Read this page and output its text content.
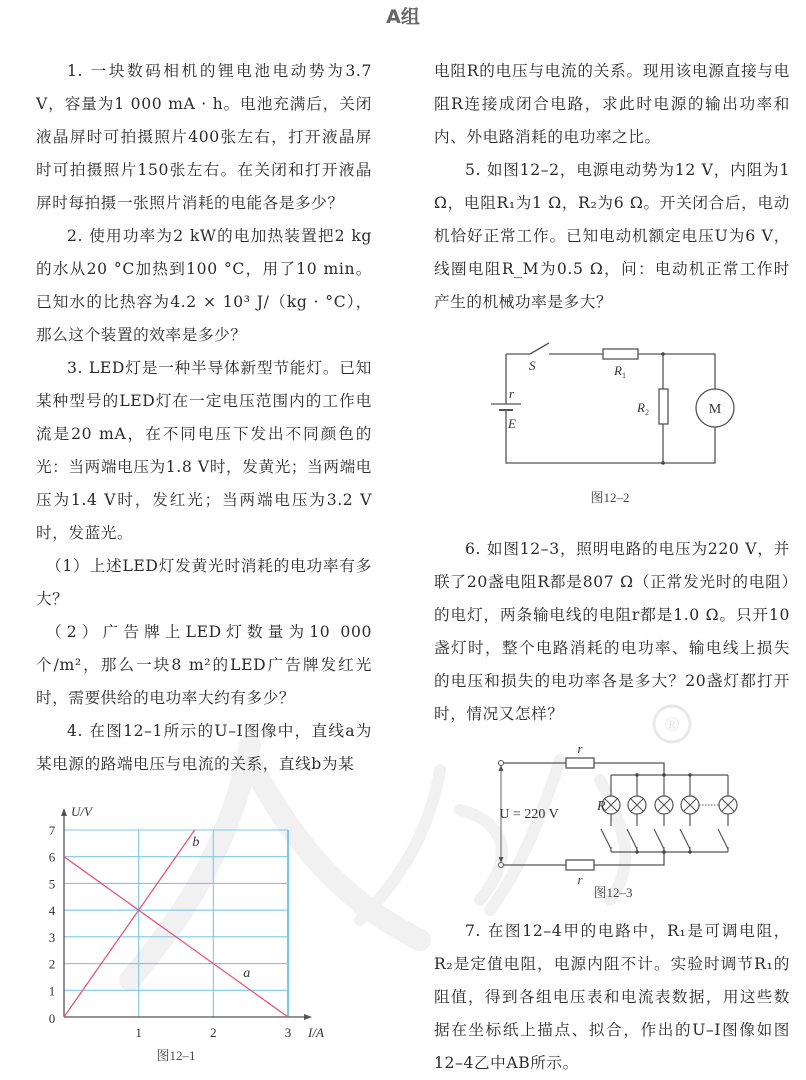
®
A组

1. 一块数码相机的锂电池电动势为3.7 V，容量为1 000 mA · h。电池充满后，关闭液晶屏时可拍摄照片400张左右，打开液晶屏时可拍摄照片150张左右。在关闭和打开液晶屏时每拍摄一张照片消耗的电能各是多少？

2. 使用功率为2 kW的电加热装置把2 kg的水从20 °C加热到100 °C，用了10 min。已知水的比热容为4.2 × 10³ J/（kg · °C），那么这个装置的效率是多少？

3. LED灯是一种半导体新型节能灯。已知某种型号的LED灯在一定电压范围内的工作电流是20 mA，在不同电压下发出不同颜色的光：当两端电压为1.8 V时，发黄光；当两端电压为1.4 V时，发红光；当两端电压为3.2 V时，发蓝光。

（1）上述LED灯发黄光时消耗的电功率有多大？

（2）广告牌上LED灯数量为10 000 个/m²，那么一块8 m²的LED广告牌发红光时，需要供给的电功率大约有多少？

4. 在图12–1所示的U–I图像中，直线a为某电源的路端电压与电流的关系，直线b为某

电阻R的电压与电流的关系。现用该电源直接与电阻R连接成闭合电路，求此时电源的输出功率和内、外电路消耗的电功率之比。

5. 如图12–2，电源电动势为12 V，内阻为1 Ω，电阻R₁为1 Ω，R₂为6 Ω。开关闭合后，电动机恰好正常工作。已知电动机额定电压U为6 V，线圈电阻R_M为0.5 Ω，问：电动机正常工作时产生的机械功率是多大？

6. 如图12–3，照明电路的电压为220 V，并联了20盏电阻R都是807 Ω（正常发光时的电阻）的电灯，两条输电线的电阻r都是1.0 Ω。只开10盏灯时，整个电路消耗的电功率、输电线上损失的电压和损失的电功率各是多大？20盏灯都打开时，情况又怎样？

7. 在图12–4甲的电路中，R₁是可调电阻，R₂是定值电阻，电源内阻不计。实验时调节R₁的阻值，得到各组电压表和电流表数据，用这些数据在坐标纸上描点、拟合，作出的U–I图像如图12–4乙中AB所示。

1
2
3
4
5
6
7
1	2	3
U/V
I/A
0
a
b
图12–1
S	$R_1$
$R_2$	M
r
E
图12–2
U = 220 V
r
r
R
图12–3
